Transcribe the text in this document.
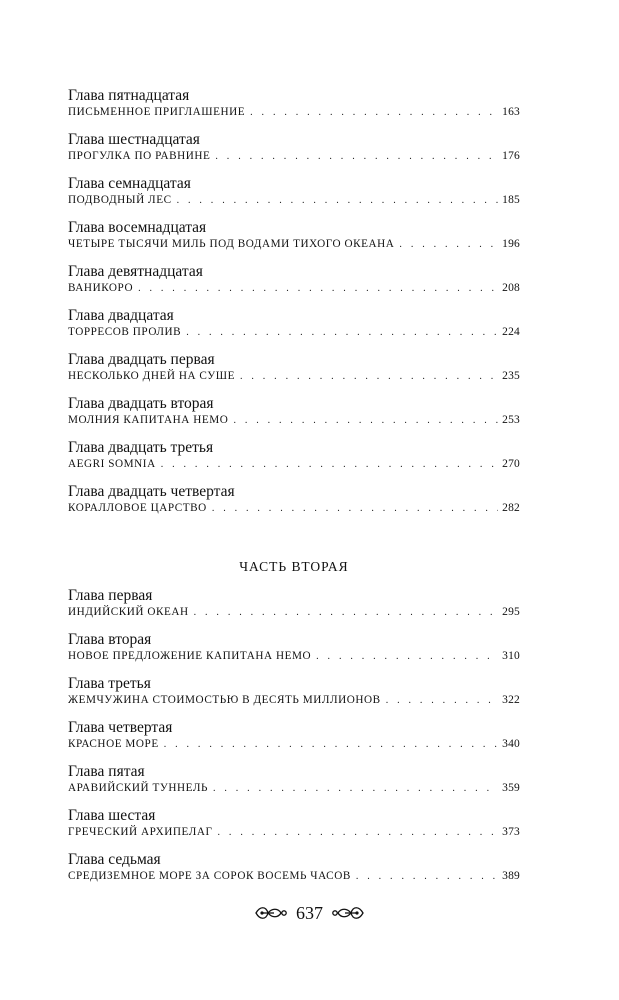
Глава пятнадцатая
ПИСЬМЕННОЕ ПРИГЛАШЕНИЕ . . .	163
Глава шестнадцатая
ПРОГУЛКА ПО РАВНИНЕ . . .	176
Глава семнадцатая
ПОДВОДНЫЙ ЛЕС . . .	185
Глава восемнадцатая
ЧЕТЫРЕ ТЫСЯЧИ МИЛЬ ПОД ВОДАМИ ТИХОГО ОКЕАНА . . .	196
Глава девятнадцатая
ВАНИКОРО . . .	208
Глава двадцатая
ТОРРЕСОВ ПРОЛИВ . . .	224
Глава двадцать первая
НЕСКОЛЬКО ДНЕЙ НА СУШЕ . . .	235
Глава двадцать вторая
МОЛНИЯ КАПИТАНА НЕМО . . .	253
Глава двадцать третья
AEGRI SOMNIA . . .	270
Глава двадцать четвертая
КОРАЛЛОВОЕ ЦАРСТВО . . .	282
ЧАСТЬ ВТОРАЯ
Глава первая
ИНДИЙСКИЙ ОКЕАН . . .	295
Глава вторая
НОВОЕ ПРЕДЛОЖЕНИЕ КАПИТАНА НЕМО . . .	310
Глава третья
ЖЕМЧУЖИНА СТОИМОСТЬЮ В ДЕСЯТЬ МИЛЛИОНОВ . . .	322
Глава четвертая
КРАСНОЕ МОРЕ . . .	340
Глава пятая
АРАВИЙСКИЙ ТУННЕЛЬ . . .	359
Глава шестая
ГРЕЧЕСКИЙ АРХИПЕЛАГ . . .	373
Глава седьмая
СРЕДИЗЕМНОЕ МОРЕ ЗА СОРОК ВОСЕМЬ ЧАСОВ . . .	389
637
